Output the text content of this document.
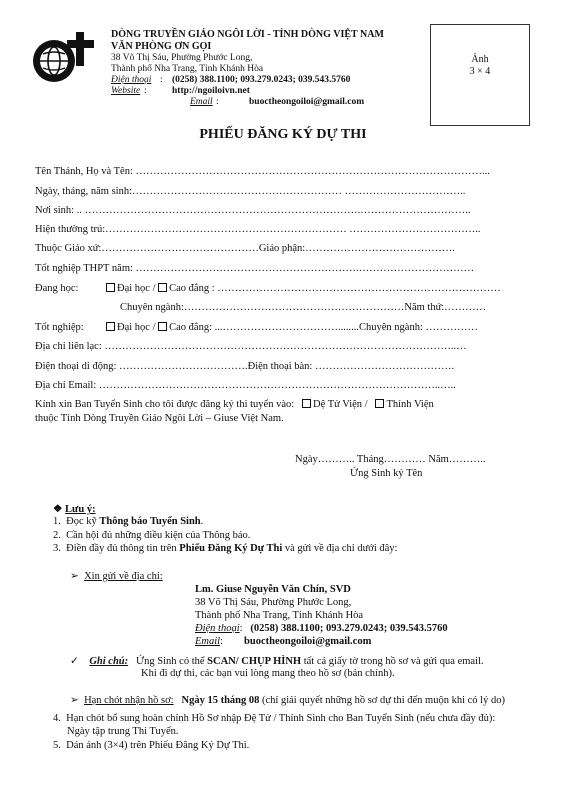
DÒNG TRUYỀN GIÁO NGÔI LỜI - TỈNH DÒNG VIỆT NAM
VĂN PHÒNG ƠN GỌI
38 Võ Thị Sáu, Phường Phước Long,
Thành phố Nha Trang, Tỉnh Khánh Hòa
Điện thoại : (0258) 388.1100; 093.279.0243; 039.543.5760
Website :	http://ngoiloivn.net
Email :	buoctheongoiloi@gmail.com
Ảnh
3 × 4
PHIẾU ĐĂNG KÝ DỰ THI
Tên Thánh, Họ và Tên: ………………………………………………………………………………………...
Ngày, tháng, năm sinh:…………………………………………………… ……………………………..
Nơi sinh: .. …………………………………………………………………….…………………………..
Hiện thường trú:…………………………………………………………… ………………………………..
Thuộc Giáo xứ:………………………………………Giáo phận:…………………………………….
Tốt nghiệp THPT năm: ……………………………………………………….……………………………
Đang học:	Đại học / Cao đẳng : ………………………………………………………………………
Chuyên ngành:………………………………………………………Năm thứ:…………
Tốt nghiệp:	Đại học / Cao đẳng: ...……………………………........Chuyên ngành: ……………
Địa chỉ liên lạc: ………………………………………………………………………………………..…
Điện thoại di động: ……………………………….Điện thoại bàn: ………………………………….
Địa chỉ Email: ……………………………………………………………………………………..…..
Kính xin Ban Tuyển Sinh cho tôi được đăng ký thi tuyển vào: Dệ Tử Viện / Thỉnh Viện
thuộc Tỉnh Dòng Truyền Giáo Ngôi Lời – Giuse Việt Nam.
Ngày……….. Tháng………… Năm………..
Ứng Sinh ký Tên
❖ Lưu ý:
1.  Đọc kỹ Thông báo Tuyển Sinh.
2.  Cần hội đủ những điều kiện của Thông báo.
3.  Điền đầy đủ thông tin trên Phiếu Đăng Ký Dự Thi và gửi về địa chỉ dưới đây:
➢ Xin gửi về địa chỉ:
Lm. Giuse Nguyễn Văn Chín, SVD
38 Võ Thị Sáu, Phường Phước Long,
Thành phố Nha Trang, Tỉnh Khánh Hòa
Điện thoại:   (0258) 388.1100; 093.279.0243; 039.543.5760
Email:        buoctheongoiloi@gmail.com
✓ Ghi chú: Ứng Sinh có thể SCAN/ CHỤP HÌNH tất cả giấy tờ trong hồ sơ và gửi qua email.
Khi đi dự thi, các bạn vui lòng mang theo hồ sơ (bản chính).
➢ Hạn chót nhận hồ sơ: Ngày 15 tháng 08 (chỉ giải quyết những hồ sơ dự thi đến muộn khi có lý do)
4.  Hạn chót bổ sung hoàn chỉnh Hồ Sơ nhập Đệ Tử / Thỉnh Sinh cho Ban Tuyển Sinh (nếu chưa đầy đủ):
Ngày tập trung Thi Tuyển.
5.  Dán ảnh (3×4) trên Phiếu Đăng Ký Dự Thi.
